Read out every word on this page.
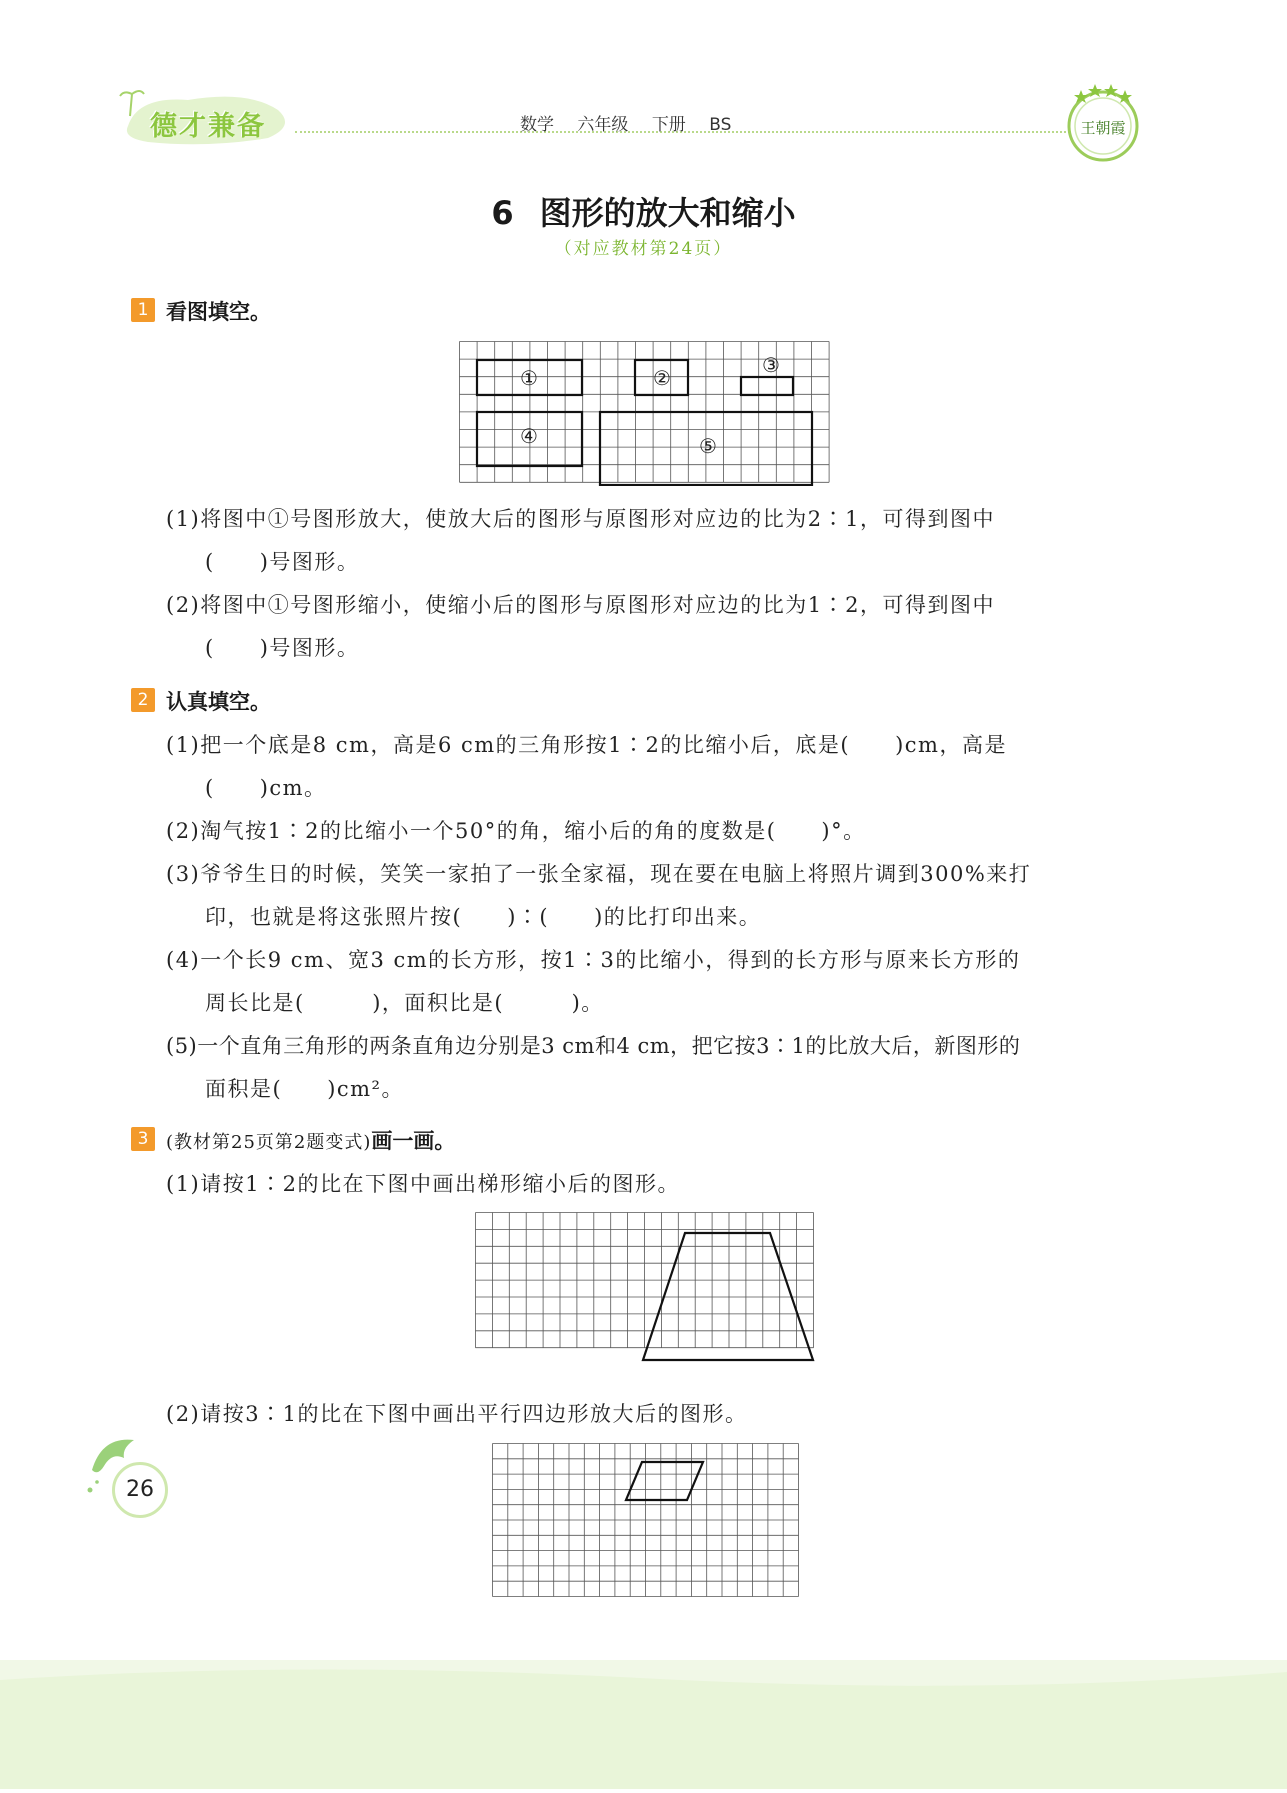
德才兼备	数学 六年级 下册 BS	王朝霞
6 图形的放大和缩小
（对应教材第24页）
1 看图填空。
①	②
③
④	⑤
(1)将图中①号图形放大，使放大后的图形与原图形对应边的比为2∶1，可得到图中
(　　)号图形。
(2)将图中①号图形缩小，使缩小后的图形与原图形对应边的比为1∶2，可得到图中
(　　)号图形。
2 认真填空。
(1)把一个底是8 cm，高是6 cm的三角形按1∶2的比缩小后，底是(　　)cm，高是
(　　)cm。
(2)淘气按1∶2的比缩小一个50°的角，缩小后的角的度数是(　　)°。
(3)爷爷生日的时候，笑笑一家拍了一张全家福，现在要在电脑上将照片调到300%来打
印，也就是将这张照片按(　　)∶(　　)的比打印出来。
(4)一个长9 cm、宽3 cm的长方形，按1∶3的比缩小，得到的长方形与原来长方形的
周长比是(　　　)，面积比是(　　　)。
(5)一个直角三角形的两条直角边分别是3 cm和4 cm，把它按3∶1的比放大后，新图形的
面积是(　　)cm²。
3 (教材第25页第2题变式)画一画。
(1)请按1∶2的比在下图中画出梯形缩小后的图形。
(2)请按3∶1的比在下图中画出平行四边形放大后的图形。
26
